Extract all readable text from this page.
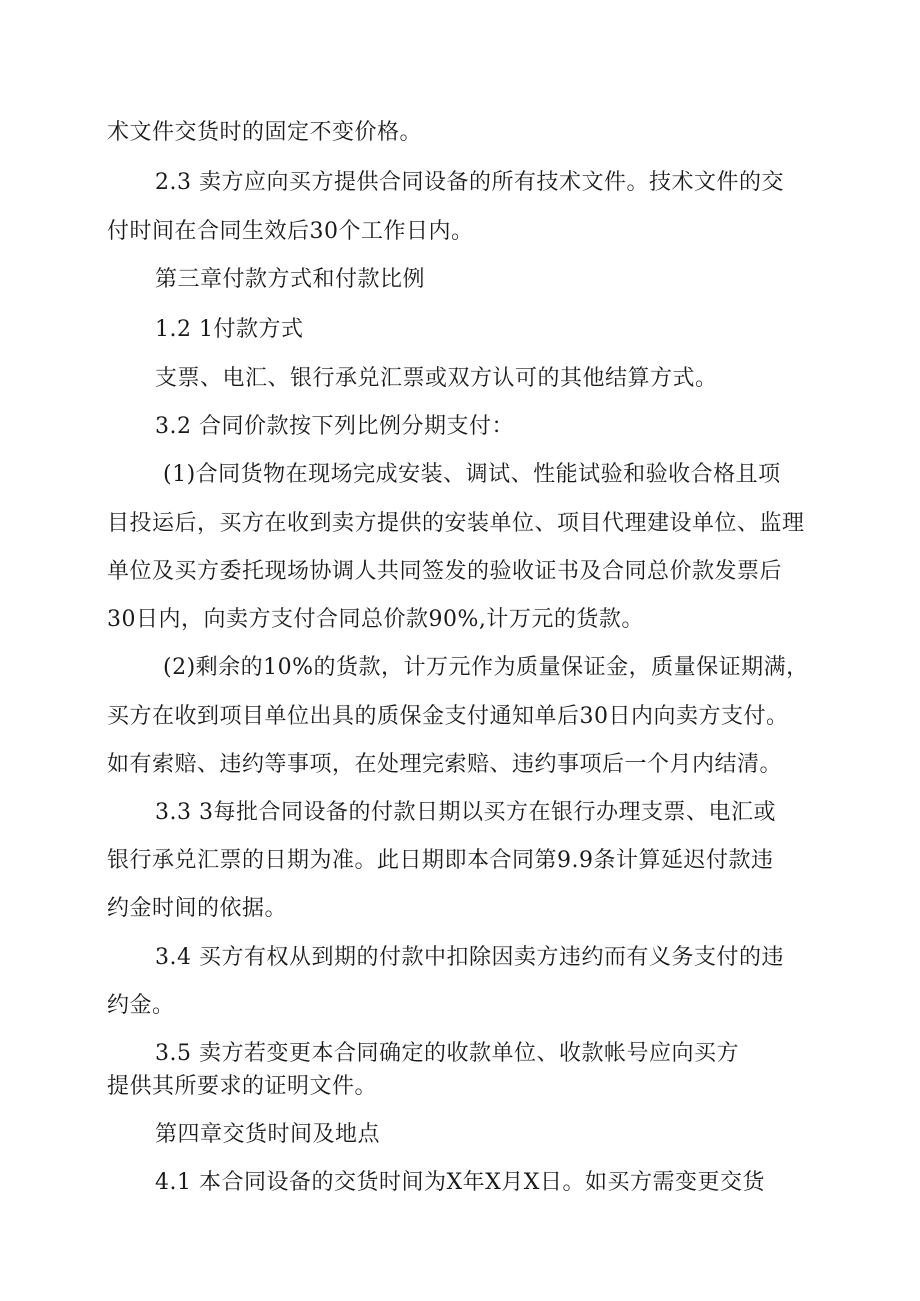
术文件交货时的固定不变价格。
2.3 卖方应向买方提供合同设备的所有技术文件。技术文件的交
付时间在合同生效后30个工作日内。
第三章付款方式和付款比例
1.2 1付款方式
支票、电汇、银行承兑汇票或双方认可的其他结算方式。
3.2 合同价款按下列比例分期支付：
(1)合同货物在现场完成安装、调试、性能试验和验收合格且项
目投运后，买方在收到卖方提供的安装单位、项目代理建设单位、监理
单位及买方委托现场协调人共同签发的验收证书及合同总价款发票后
30日内，向卖方支付合同总价款90%,计万元的货款。
(2)剩余的10%的货款，计万元作为质量保证金，质量保证期满，
买方在收到项目单位出具的质保金支付通知单后30日内向卖方支付。
如有索赔、违约等事项，在处理完索赔、违约事项后一个月内结清。
3.3 3每批合同设备的付款日期以买方在银行办理支票、电汇或
银行承兑汇票的日期为准。此日期即本合同第9.9条计算延迟付款违
约金时间的依据。
3.4 买方有权从到期的付款中扣除因卖方违约而有义务支付的违
约金。
3.5 卖方若变更本合同确定的收款单位、收款帐号应向买方
提供其所要求的证明文件。
第四章交货时间及地点
4.1 本合同设备的交货时间为X年X月X日。如买方需变更交货
